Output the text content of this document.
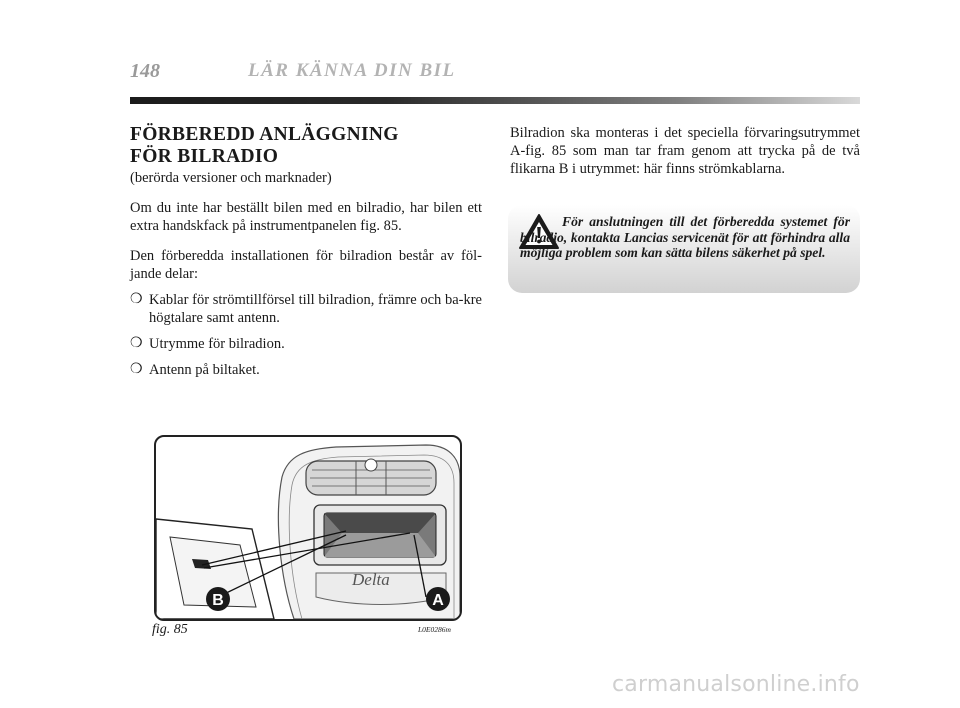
148	LÄR KÄNNA DIN BIL
FÖRBEREDD ANLÄGGNING
FÖR BILRADIO
(berörda versioner och marknader)

Om du inte har beställt bilen med en bilradio, har bilen ett extra handskfack på instrumentpanelen fig. 85.

Den förberedda installationen för bilradion består av föl-jande delar:

❍ Kablar för strömtillförsel till bilradion, främre och ba-kre högtalare samt antenn.
❍ Utrymme för bilradion.
❍ Antenn på biltaket.

Bilradion ska monteras i det speciella förvaringsutrymmet A-fig. 85 som man tar fram genom att trycka på de två flikarna B i utrymmet: här finns strömkablarna.

För anslutningen till det förberedda systemet för bilradio, kontakta Lancias servicenät för att förhindra alla möjliga problem som kan sätta bilens säkerhet på spel.
Delta
B	A
fig. 85	L0E0286m
carmanualsonline.info
